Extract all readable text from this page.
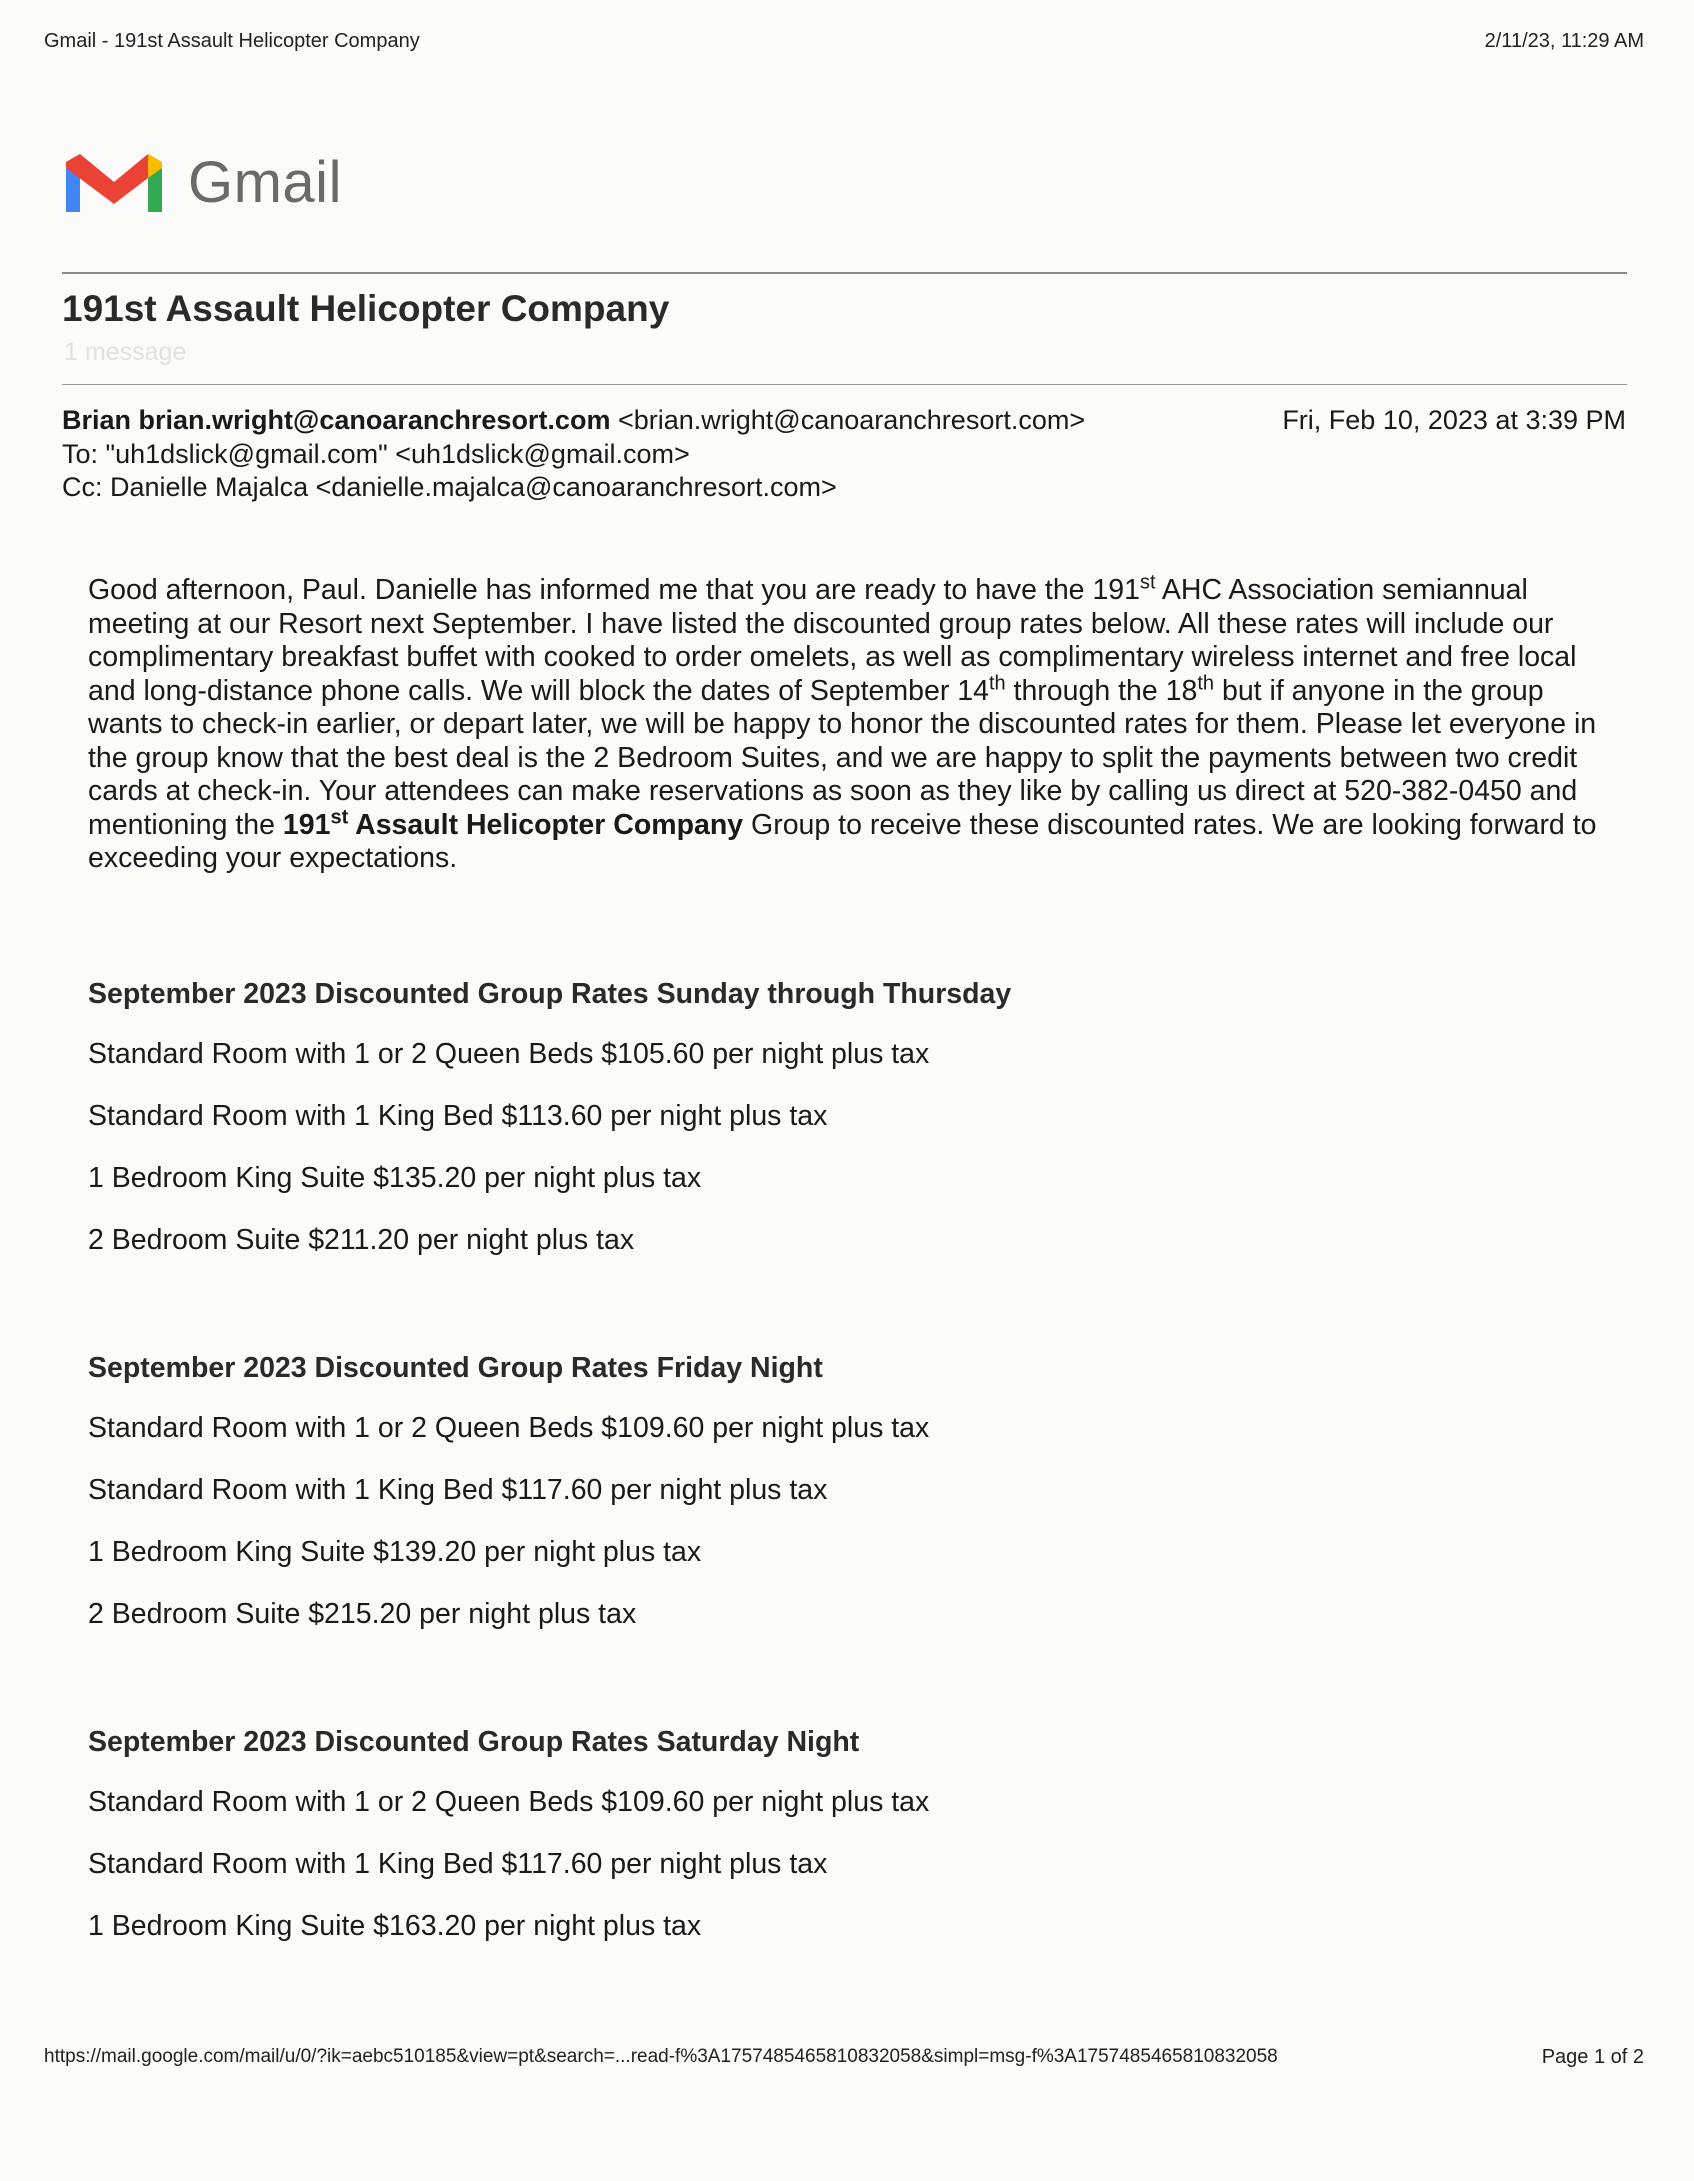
Gmail - 191st Assault Helicopter Company	2/11/23, 11:29 AM
Gmail
191st Assault Helicopter Company
1 message
Brian brian.wright@canoaranchresort.com <brian.wright@canoaranchresort.com>	Fri, Feb 10, 2023 at 3:39 PM
To: "uh1dslick@gmail.com" <uh1dslick@gmail.com>
Cc: Danielle Majalca <danielle.majalca@canoaranchresort.com>
Good afternoon, Paul. Danielle has informed me that you are ready to have the 191st AHC Association semiannual meeting at our Resort next September. I have listed the discounted group rates below. All these rates will include our complimentary breakfast buffet with cooked to order omelets, as well as complimentary wireless internet and free local and long-distance phone calls. We will block the dates of September 14th through the 18th but if anyone in the group wants to check-in earlier, or depart later, we will be happy to honor the discounted rates for them. Please let everyone in the group know that the best deal is the 2 Bedroom Suites, and we are happy to split the payments between two credit cards at check-in. Your attendees can make reservations as soon as they like by calling us direct at 520-382-0450 and mentioning the 191st Assault Helicopter Company Group to receive these discounted rates. We are looking forward to exceeding your expectations.
September 2023 Discounted Group Rates Sunday through Thursday
Standard Room with 1 or 2 Queen Beds $105.60 per night plus tax
Standard Room with 1 King Bed $113.60 per night plus tax
1 Bedroom King Suite $135.20 per night plus tax
2 Bedroom Suite $211.20 per night plus tax
September 2023 Discounted Group Rates Friday Night
Standard Room with 1 or 2 Queen Beds $109.60 per night plus tax
Standard Room with 1 King Bed $117.60 per night plus tax
1 Bedroom King Suite $139.20 per night plus tax
2 Bedroom Suite $215.20 per night plus tax
September 2023 Discounted Group Rates Saturday Night
Standard Room with 1 or 2 Queen Beds $109.60 per night plus tax
Standard Room with 1 King Bed $117.60 per night plus tax
1 Bedroom King Suite $163.20 per night plus tax
https://mail.google.com/mail/u/0/?ik=aebc510185&view=pt&search=...read-f%3A1757485465810832058&simpl=msg-f%3A1757485465810832058	Page 1 of 2
